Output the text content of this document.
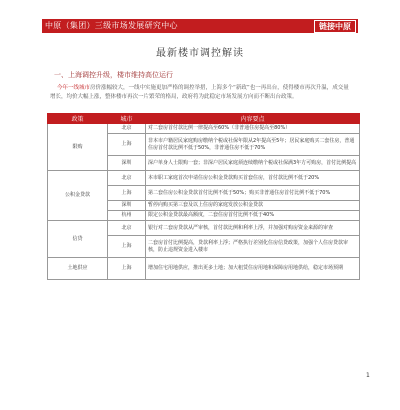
中原（集团）三级市场发展研究中心	链接中原
最新楼市调控解读
一、上海调控升级，楼市维持高位运行
今年一线城市房价涨幅较大，一线中实施更加严格的调控举措，上海多个“新政”也一再出台，使得楼市再次升温，成交量增长，均价大幅上涨，整体楼市再次一片繁荣的格局，政府将为此稳定市场发展方向而不断出台政策。
政策	城市	内容要点
限购	北京	对二套房首付款比例一律提高至60%（非普通住房提高至80%）
	上海	非本市户籍居民家庭购房缴纳个税或社保年限从2年提高至5年；居民家庭购买二套住房，普通住房首付款比例不低于50%，非普通住房不低于70%
	深圳	深户单身人士限购一套；非深户居民家庭须连续缴纳个税或社保满3年方可购房，首付比例提高
公积金贷款	北京	本市职工家庭首次申请住房公积金贷款购买首套住房，首付款比例不低于20%
	上海	第二套住房公积金贷款首付比例不低于50%；购买非普通住房首付比例不低于70%
	深圳	暂停向购买第三套及以上住房的家庭发放公积金贷款
	杭州	限定公积金贷款最高额度，二套住房首付比例不低于40%
信贷	北京	银行对二套房贷款从严审核，首付款比例和利率上浮，并加强对购房资金来源的审查
	上海	二套房首付比例提高，贷款利率上浮；严格执行差别化住房信贷政策，加强个人住房贷款审核，防止违规资金进入楼市
土地供应	上海	增加住宅用地供应，推出更多土地；加大租赁住房用地和保障房用地供给，稳定市场预期
1
